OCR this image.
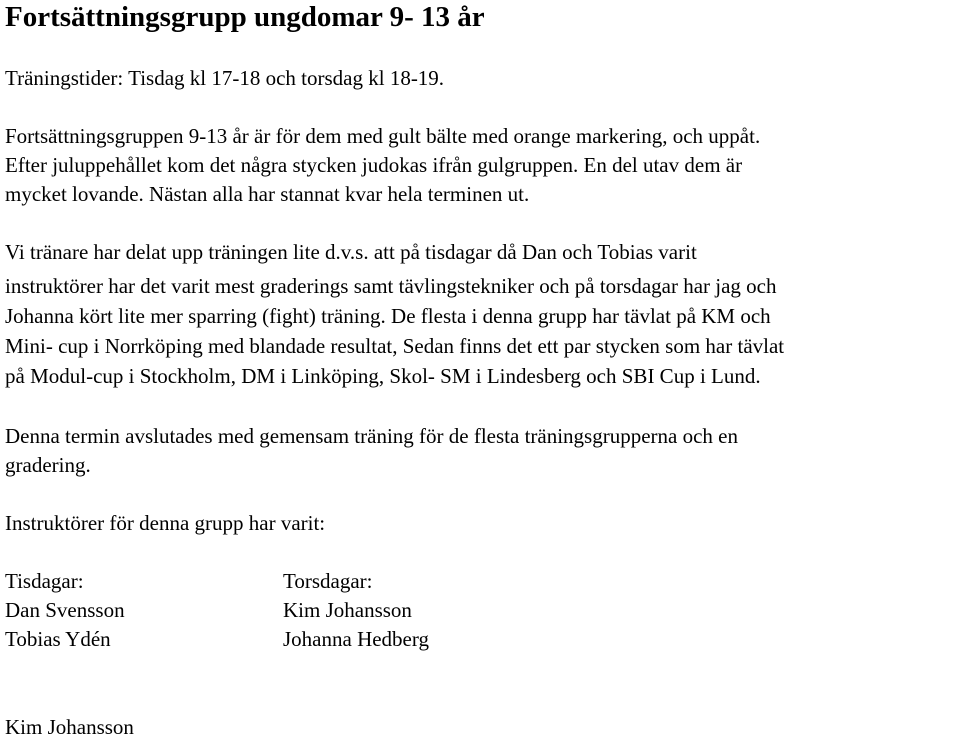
Fortsättningsgrupp ungdomar 9- 13 år
Träningstider: Tisdag kl 17-18 och torsdag kl 18-19.
Fortsättningsgruppen 9-13 år är för dem med gult bälte med orange markering, och uppåt.
Efter juluppehållet kom det några stycken judokas ifrån gulgruppen. En del utav dem är
mycket lovande. Nästan alla har stannat kvar hela terminen ut.
Vi tränare har delat upp träningen lite d.v.s. att på tisdagar då Dan och Tobias varit
instruktörer har det varit mest graderings samt tävlingstekniker och på torsdagar har jag och
Johanna kört lite mer sparring (fight) träning. De flesta i denna grupp har tävlat på KM och
Mini- cup i Norrköping med blandade resultat, Sedan finns det ett par stycken som har tävlat
på Modul-cup i Stockholm, DM i Linköping, Skol- SM i Lindesberg och SBI Cup i Lund.
Denna termin avslutades med gemensam träning för de flesta träningsgrupperna och en
gradering.
Instruktörer för denna grupp har varit:
Tisdagar:
Dan Svensson
Tobias Ydén
Torsdagar:
Kim Johansson
Johanna Hedberg
Kim Johansson
